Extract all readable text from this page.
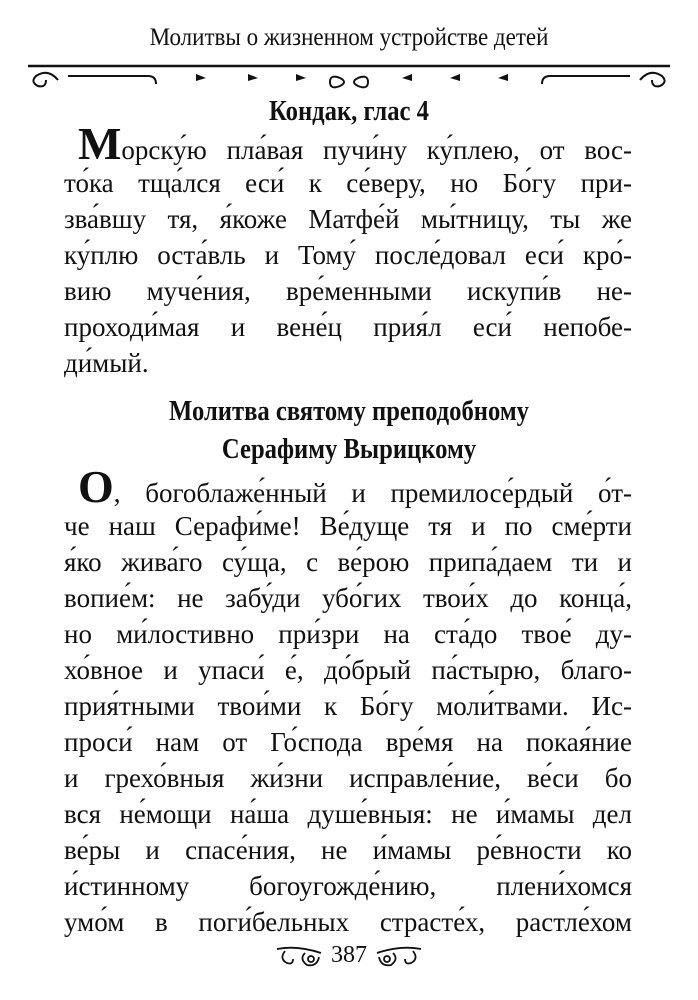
Молитвы о жизненном устройстве детей
Кондак, глас 4
Морску́ю пла́вая пучи́ну ку́плею, от вос-
то́ка тща́лся еси́ к се́веру, но Бо́гу при-
зва́вшу тя, я́коже Матфе́й мы́тницу, ты же
ку́плю оста́вль и Тому́ после́довал еси́ кро́-
вию муче́ния, вре́менными искупи́в не-
проходи́мая и вене́ц прия́л еси́ непобе-
ди́мый.
Молитва святому преподобному
Серафиму Вырицкому
О, богоблаже́нный и премилосе́рдый о́т-
че наш Серафи́ме! Ве́дуще тя и по сме́рти
я́ко жива́го су́ща, с ве́рою припа́даем ти и
вопие́м: не забу́ди убо́гих твои́х до конца́,
но ми́лостивно при́зри на ста́до твое́ ду-
хо́вное и упаси́ е́, до́брый па́стырю, благо-
прия́тными твои́ми к Бо́гу моли́твами. Ис-
проси́ нам от Го́спода вре́мя на покая́ние
и грехо́вныя жи́зни исправле́ние, ве́си бо
вся не́мощи на́ша душе́вныя: не и́мамы дел
ве́ры и спасе́ния, не и́мамы ре́вности ко
и́стинному богоугожде́нию, плени́хомся
умо́м в поги́бельных страсте́х, растле́хом
387
